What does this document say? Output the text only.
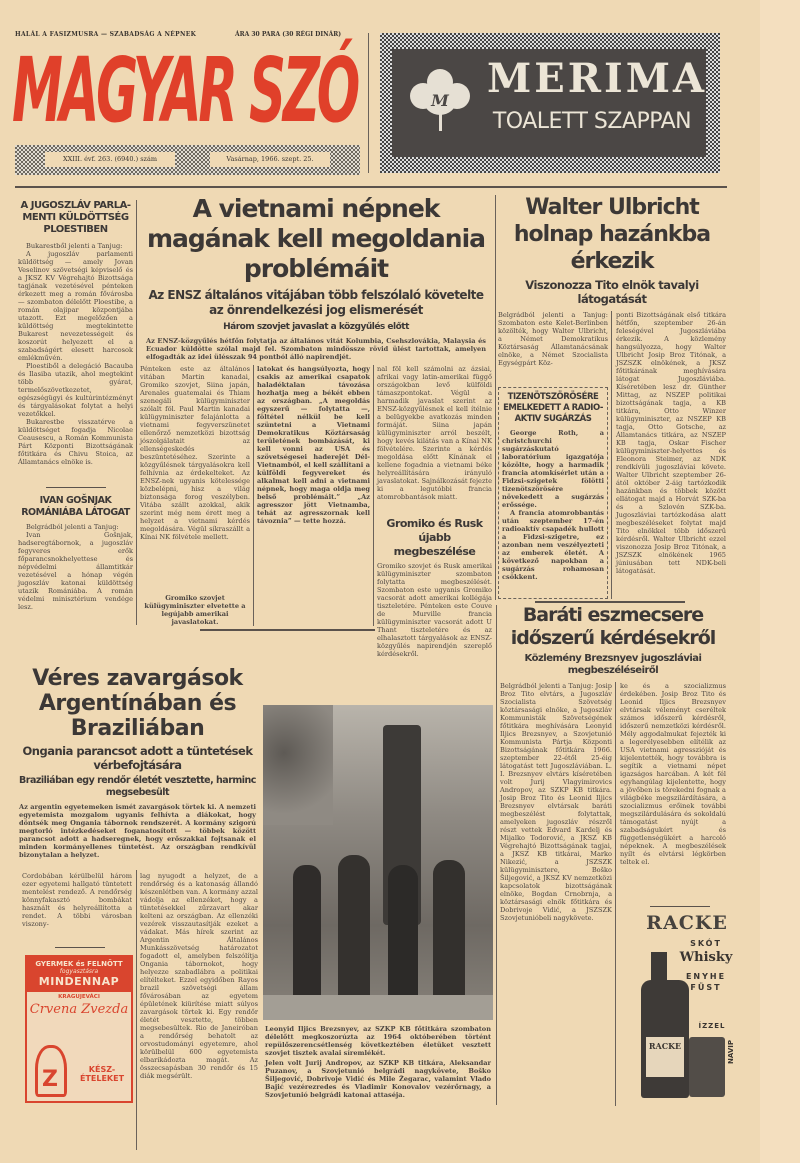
HALÁL A FASIZMUSRA — SZABADSÁG A NÉPNEK	ÁRA 30 PARA (30 RÉGI DINÁR)
MAGYAR SZÓ
XXIII. évf. 263. (6940.) szám	Vasárnap, 1966. szept. 25.
M MERIMA
TOALETT SZAPPAN
A JUGOSZLÁV PARLA-MENTI KÜLDÖTTSÉG PLOESTIBEN

Bukarestből jelenti a Tanjug:

A jugoszláv parlamenti küldöttség — amely Jovan Veselinov szövetségi képviselő és a JKSZ KV Végrehajtó Bizottsága tagjának vezetésével pénteken érkezett meg a román fővárosba — szombaton délelőtt Ploestibe, a román olajipar központjába utazott. Ezt megelőzően a küldöttség megtekintette Bukarest nevezetességeit és koszorút helyezett el a szabadságért elesett harcosok emlékművén.

Ploestiből a delegáció Bacauba és Ilasiba utazik, ahol megtekint több gyárat, termelőszövetkezetet, egészségügyi és kultúrintézményt és tárgyalásokat folytat a helyi vezetőkkel.

Bukarestbe visszatérve a küldöttséget fogadja Nicolae Ceausescu, a Román Kommunista Párt Központi Bizottságának főtitkára és Chivu Stoica, az Államtanács elnöke is.

IVAN GOŠNJAK ROMÁNIÁBA LÁTOGAT

Belgrádból jelenti a Tanjug:

Ivan Gošnjak, hadseregtábornok, a jugoszláv fegyveres erők főparancsnokhelyettese és népvédelmi államtitkár vezetésével a hónap végén jugoszláv katonai küldöttség utazik Romániába. A román védelmi minisztérium vendége lesz.

A vietnami népnek magának kell megoldania problémáit
Az ENSZ általános vitájában több felszólaló követelte az önrendelkezési jog elismerését
Három szovjet javaslat a közgyűlés előtt
Az ENSZ-közgyűlés hétfőn folytatja az általános vitát Kolumbia, Csehszlovákia, Malaysia és Ecuador küldötte szólal majd fel. Szombaton mindössze rövid ülést tartottak, amelyen elfogadták az idei ülésszak 94 pontból álló napirendjét.
Pénteken este az általános vitában Martin kanadai, Gromiko szovjet, Siina japán, Arenales guatemalai és Thiam szenegáli külügyminiszter szólalt föl. Paul Martin kanadai külügyminiszter felajánlotta a vietnami fegyverszünetet ellenőrző nemzetközi bizottság jószolgálatait az ellenségeskedés beszüntetéséhez. Szerinte a közgyűlésnek tárgyalásokra kell felhívnia az érdekelteket. Az ENSZ-nek ugyanis kötelessége közbelépni, hisz a világ biztonsága forog veszélyben. Vitába szállt azokkal, akik szerint még nem érett meg a helyzet a vietnami kérdés megoldására. Végül síkraszállt a Kínai NK fölvétele mellett.
Gromiko szovjet külügyminiszter elvetette a legújabb amerikai javaslatokat.
latokat és hangsúlyozta, hogy csakis az amerikai csapatok haladéktalan távozása hozhatja meg a békét ebben az országban. „A megoldás egyszerű — folytatta —, föltétel nélkül be kell szüntetni a Vietnami Demokratikus Köztársaság területének bombázását, ki kell vonni az USA és szövetségesei haderejét Dél-Vietnamból, el kell szállítani a külföldi fegyvereket és alkalmat kell adni a vietnami népnek, hogy maga oldja meg belső problémáit.” „Az agresszor jött Vietnamba, tehát az agresszornak kell távoznia” — tette hozzá.
nal föl kell számolni az ázsiai, afrikai vagy latin-amerikai függő országokban levő külföldi támaszpontokat. Végül a harmadik javaslat szerint az ENSZ-közgyűlésnek el kell ítélnie a belügyekbe avatkozás minden formáját. Siina japán külügyminiszter arról beszélt, hogy kevés kilátás van a Kínai NK fölvételére. Szerinte a kérdés megoldása előtt Kínának el kellene fogadnia a vietnami béke helyreállítására irányuló javaslatokat. Sajnálkozását fejezte ki a legutóbbi francia atomrobbantások miatt.
Gromiko és Rusk újabb megbeszélése
Gromiko szovjet és Rusk amerikai külügyminiszter szombaton folytatta megbeszélését. Szombaton este ugyanis Gromiko vacsorát adott amerikai kollégája tiszteletére. Pénteken este Couve de Murville francia külügyminiszter vacsorát adott U Thant tiszteletére és az elhalasztott tárgyalások az ENSZ-közgyűlés napirendjén szereplő kérdésekről.
Walter Ulbricht holnap hazánkba érkezik
Viszonozza Tito elnök tavalyi látogatását
Belgrádból jelenti a Tanjug: Szombaton este Kelet-Berlinben közölték, hogy Walter Ulbricht, a Német Demokratikus Köztársaság Államtanácsának elnöke, a Német Szocialista Egységpárt Köz-
TIZENÖTSZÖRÖSÉRE EMELKEDETT A RADIO-AKTIV SUGÁRZÁS

George Roth, a christchurchi sugárzáskutató laboratórium igazgatója közölte, hogy a harmadik francia atomkísérlet után a Fidzsi-szigetek fölötti tizenötszörösére növekedett a sugárzás erőssége.

A francia atomrobbantás után szeptember 17-én radioaktív csapadék hullott a Fidzsi-szigetre, ez azonban nem veszélyezteti az emberek életét. A következő napokban a sugárzás rohamosan csökkent.

ponti Bizottságának első titkára hétfőn, szeptember 26-án feleségével Jugoszláviába érkezik. A közlemény hangsúlyozza, hogy Walter Ulbricht Josip Broz Titónak, a JSZSZK elnökének, a JKSZ főtitkárának meghívására látogat Jugoszláviába. Kíséretében lesz dr. Günther Mittag, az NSZEP politikai bizottságának tagja, a KB titkára, Otto Winzer külügyminiszter, az NSZEP KB tagja, Otto Gotsche, az Államtanács titkára, az NSZEP KB tagja, Oskar Fischer külügyminiszter-helyettes és Eleonora Steimer, az NDK rendkívüli jugoszláviai követe. Walter Ulbricht szeptember 26-ától október 2-áig tartózkodik hazánkban és többek között ellátogat majd a Horvát SZK-ba és a Szlovén SZK-ba. Jugoszláviai tartózkodása alatt megbeszéléseket folytat majd Tito elnökkel több időszerű kérdésről. Walter Ulbricht ezzel viszonozza Josip Broz Titónak, a JSZSZK elnökének 1965 júniusában tett NDK-beli látogatását.
Véres zavargások Argentínában és Braziliában
Ongania parancsot adott a tüntetések vérbefojtására
Braziliában egy rendőr életét vesztette, harminc megsebesült
Az argentin egyetemeken ismét zavargások törtek ki. A nemzeti egyetemista mozgalom ugyanis felhívta a diákokat, hogy döntsék meg Ongania tábornok rendszerét. A kormány szigorú megtorló intézkedéseket foganatosított — többek között parancsot adott a hadseregnek, hogy erőszakkal fojtsanak el minden kormányellenes tüntetést. Az országban rendkívül bizonytalan a helyzet.
Cordobában kérülbelül három ezer egyetemi hallgató tüntetett mentelést rendező. A rendőrség könnyfakasztó bombákat használt és helyreállította a rendet. A többi városban viszony-
lag nyugodt a helyzet, de a rendőrség és a katonaság állandó készenlétben van. A kormány azzal vádolja az ellenzéket, hogy a tüntetésekkel zűrzavart akar kelteni az országban. Az ellenzéki vezérek visszautasítják ezeket a vádakat. Más hírek szerint az Argentin Általános Munkásszövetség határozatot fogadott el, amelyben felszólítja Ongania tábornokot, hogy helyezze szabadlábra a politikai elítélteket. Ezzel egyidőben Rayos brazil szövetségi állam fővárosában az egyetem épületének kiürítése miatt súlyos zavargások törtek ki. Egy rendőr életét vesztette, többen megsebesültek. Rio de Janeiróban a rendőrség behatolt az orvostudományi egyetemre, ahol körülbelül 600 egyetemista elbarikádozta magát. Az összecsapásban 30 rendőr és 15 diák megsérült.
GYERMEK és FELNŐTT
fogyasztásra
MINDENNAP
KRAGUJEVÁCI
Crvena Zvezda
Z	KÉSZ-ÉTELEKET
Leonyid Iljics Brezsnyev, az SZKP KB főtitkára szombaton délelőtt megkoszorúzta az 1964 októberében történt repülőszerencsétlenség következtében életüket vesztett szovjet tisztek avalai síremlékét.
Jelen volt Jurij Andropov, az SZKP KB titkára, Aleksandar Puzanov, a Szovjetunió belgrádi nagykövete, Boško Šiljegović, Dobrivoje Vidić és Mile Žegarac, valamint Vlado Bajić vezérezredes és Vladimir Konovalov vezérőrnagy, a Szovjetunió belgrádi katonai attaséja.
Baráti eszmecsere időszerű kérdésekről
Közlemény Brezsnyev jugoszláviai megbeszéléseiről
Belgrádból jelenti a Tanjug: Josip Broz Tito elvtárs, a Jugoszláv Szocialista Szövetség köztársasági elnöke, a Jugoszláv Kommunisták Szövetségének főtitkára meghívására Leonyid Iljics Brezsnyev, a Szovjetunió Kommunista Pártja Központi Bizottságának főtitkára 1966. szeptember 22-étől 25-éig látogatást tett Jugoszláviában. L. I. Brezsnyev elvtárs kíséretében volt Jurij Vlagyimirovics Andropov, az SZKP KB titkára. Josip Broz Tito és Leonid Iljics Brezsnyev elvtársak baráti megbeszélést folytattak, amelyeken jugoszláv részről részt vettek Edvard Kardelj és Mijalko Todorović, a JKSZ KB Végrehajtó Bizottságának tagjai, a JKSZ KB titkárai, Marko Nikezić, a JSZSZK külügyminisztere, Boško Šiljegović, a JKSZ KV nemzetközi kapcsolatok bizottságának elnöke, Bogdan Crnobrnja, a köztársasági elnök főtitkára és Dobrivoje Vidić, a JSZSZK Szovjetunióbeli nagykövete.
ke és a szocializmus érdekében. Josip Broz Tito és Leonid Iljics Brezsnyev elvtársak véleményt cseréltek számos időszerű kérdésről, időszerű nemzetközi kérdésről. Mély aggodalmukat fejezték ki a legerélyesebben elítélik az USA vietnami agresszióját és kijelentették, hogy továbbra is segítik a vietnami népet igazságos harcában. A két fél egyhangúlag kijelentette, hogy a jövőben is törekedni fognak a világbéke megszilárdítására, a szocializmus erőinek további megszilárdulására és sokoldalú támogatást nyújt a szabadságukért és függetlenségükért a harcoló népeknek. A megbeszélések nyílt és elvtársi légkörben teltek el.
RACKE
SKÓT
Whisky
ENYHE
FÜST
ÍZZEL
RACKE	NAVIP
